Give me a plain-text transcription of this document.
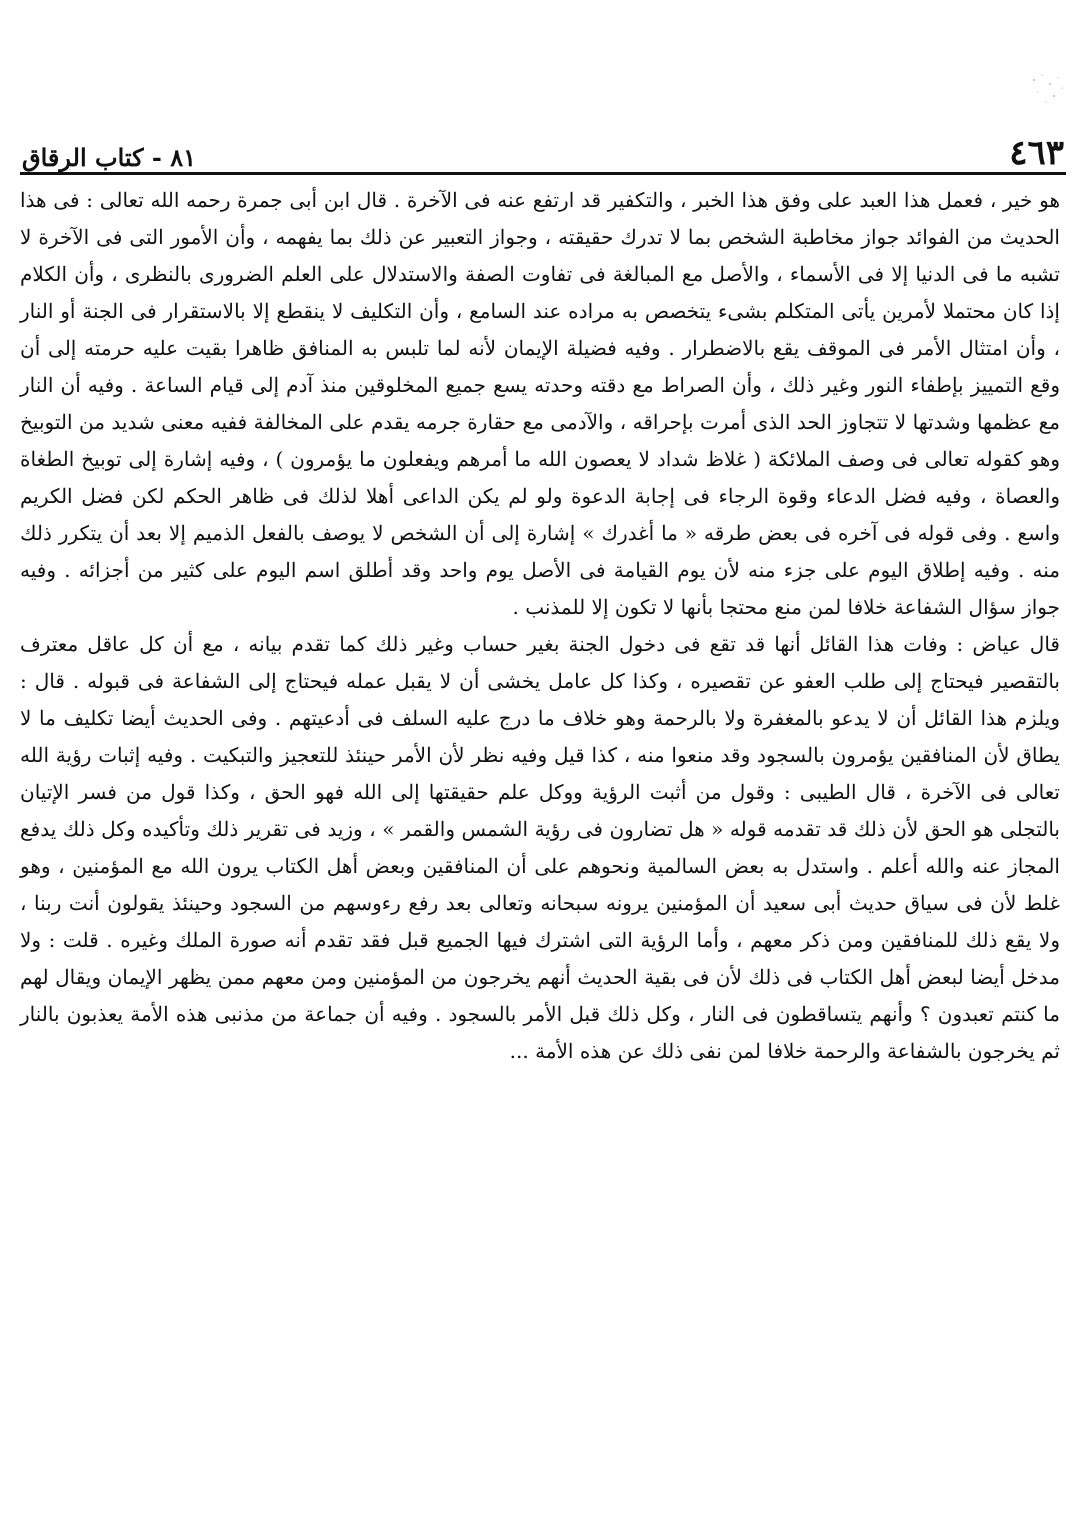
٤٦٣
٨١ - كتاب الرقاق

هو خير ، فعمل هذا العبد على وفق هذا الخبر ، والتكفير قد ارتفع عنه فى الآخرة . قال ابن أبى جمرة رحمه الله تعالى : فى هذا الحديث من الفوائد جواز مخاطبة الشخص بما لا تدرك حقيقته ، وجواز التعبير عن ذلك بما يفهمه ، وأن الأمور التى فى الآخرة لا تشبه ما فى الدنيا إلا فى الأسماء ، والأصل مع المبالغة فى تفاوت الصفة والاستدلال على العلم الضرورى بالنظرى ، وأن الكلام إذا كان محتملا لأمرين يأتى المتكلم بشىء يتخصص به مراده عند السامع ، وأن التكليف لا ينقطع إلا بالاستقرار فى الجنة أو النار ، وأن امتثال الأمر فى الموقف يقع بالاضطرار . وفيه فضيلة الإيمان لأنه لما تلبس به المنافق ظاهرا بقيت عليه حرمته إلى أن وقع التمييز بإطفاء النور وغير ذلك ، وأن الصراط مع دقته وحدته يسع جميع المخلوقين منذ آدم إلى قيام الساعة . وفيه أن النار مع عظمها وشدتها لا تتجاوز الحد الذى أمرت بإحراقه ، والآدمى مع حقارة جرمه يقدم على المخالفة ففيه معنى شديد من التوبيخ وهو كقوله تعالى فى وصف الملائكة ( غلاظ شداد لا يعصون الله ما أمرهم ويفعلون ما يؤمرون ) ، وفيه إشارة إلى توبيخ الطغاة والعصاة ، وفيه فضل الدعاء وقوة الرجاء فى إجابة الدعوة ولو لم يكن الداعى أهلا لذلك فى ظاهر الحكم لكن فضل الكريم واسع . وفى قوله فى آخره فى بعض طرقه « ما أغدرك » إشارة إلى أن الشخص لا يوصف بالفعل الذميم إلا بعد أن يتكرر ذلك منه . وفيه إطلاق اليوم على جزء منه لأن يوم القيامة فى الأصل يوم واحد وقد أطلق اسم اليوم على كثير من أجزائه . وفيه جواز سؤال الشفاعة خلافا لمن منع محتجا بأنها لا تكون إلا للمذنب .

قال عياض : وفات هذا القائل أنها قد تقع فى دخول الجنة بغير حساب وغير ذلك كما تقدم بيانه ، مع أن كل عاقل معترف بالتقصير فيحتاج إلى طلب العفو عن تقصيره ، وكذا كل عامل يخشى أن لا يقبل عمله فيحتاج إلى الشفاعة فى قبوله . قال : ويلزم هذا القائل أن لا يدعو بالمغفرة ولا بالرحمة وهو خلاف ما درج عليه السلف فى أدعيتهم . وفى الحديث أيضا تكليف ما لا يطاق لأن المنافقين يؤمرون بالسجود وقد منعوا منه ، كذا قيل وفيه نظر لأن الأمر حينئذ للتعجيز والتبكيت . وفيه إثبات رؤية الله تعالى فى الآخرة ، قال الطيبى : وقول من أثبت الرؤية ووكل علم حقيقتها إلى الله فهو الحق ، وكذا قول من فسر الإتيان بالتجلى هو الحق لأن ذلك قد تقدمه قوله « هل تضارون فى رؤية الشمس والقمر » ، وزيد فى تقرير ذلك وتأكيده وكل ذلك يدفع المجاز عنه والله أعلم . واستدل به بعض السالمية ونحوهم على أن المنافقين وبعض أهل الكتاب يرون الله مع المؤمنين ، وهو غلط لأن فى سياق حديث أبى سعيد أن المؤمنين يرونه سبحانه وتعالى بعد رفع رءوسهم من السجود وحينئذ يقولون أنت ربنا ، ولا يقع ذلك للمنافقين ومن ذكر معهم ، وأما الرؤية التى اشترك فيها الجميع قبل فقد تقدم أنه صورة الملك وغيره . قلت : ولا مدخل أيضا لبعض أهل الكتاب فى ذلك لأن فى بقية الحديث أنهم يخرجون من المؤمنين ومن معهم ممن يظهر الإيمان ويقال لهم ما كنتم تعبدون ؟ وأنهم يتساقطون فى النار ، وكل ذلك قبل الأمر بالسجود . وفيه أن جماعة من مذنبى هذه الأمة يعذبون بالنار ثم يخرجون بالشفاعة والرحمة خلافا لمن نفى ذلك عن هذه الأمة ...
